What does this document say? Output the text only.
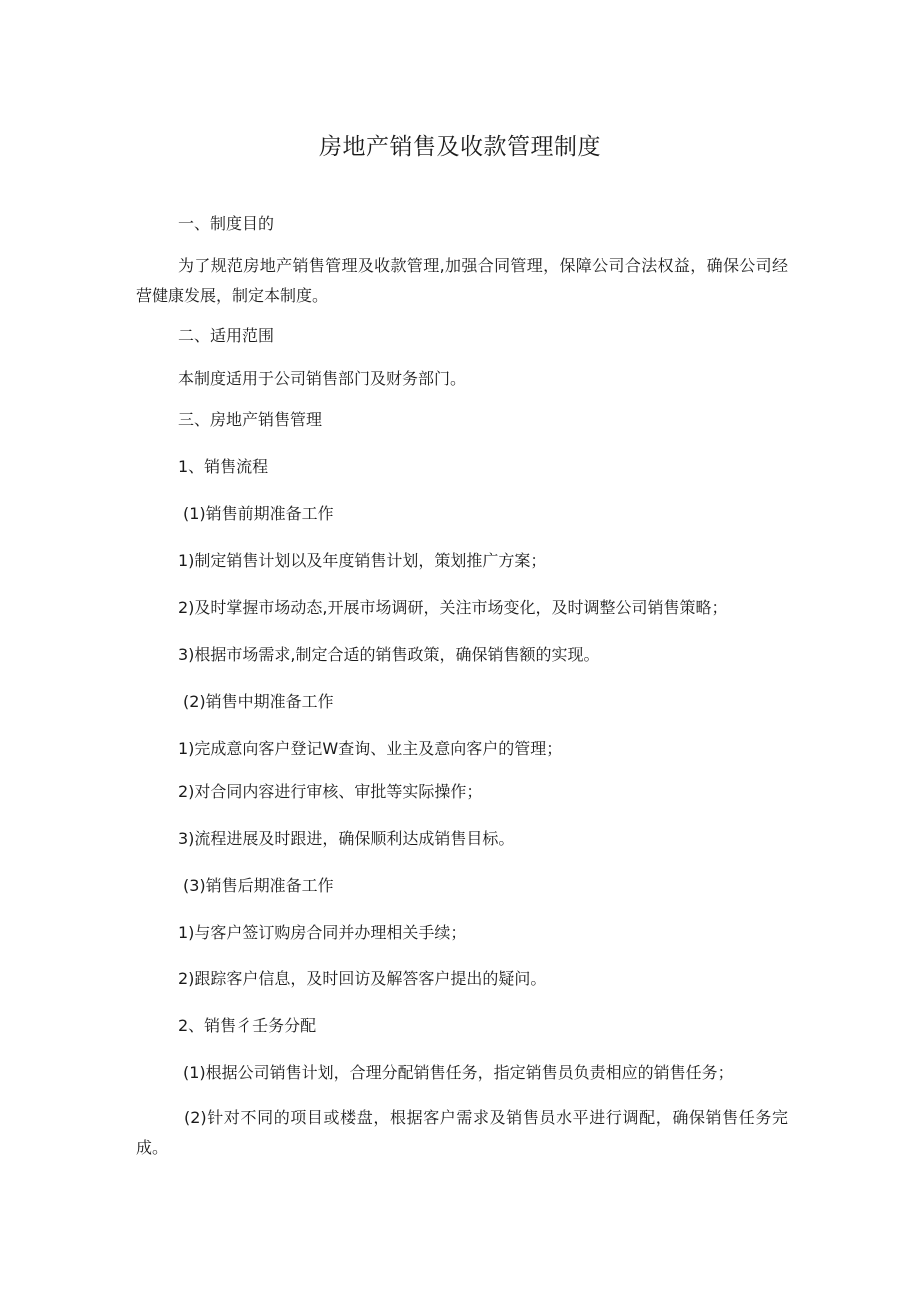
房地产销售及收款管理制度
一、制度目的
为了规范房地产销售管理及收款管理,加强合同管理，保障公司合法权益，确保公司经营健康发展，制定本制度。
二、适用范围
本制度适用于公司销售部门及财务部门。
三、房地产销售管理
1、销售流程
(1)销售前期准备工作
1)制定销售计划以及年度销售计划，策划推广方案；
2)及时掌握市场动态,开展市场调研，关注市场变化，及时调整公司销售策略；
3)根据市场需求,制定合适的销售政策，确保销售额的实现。
(2)销售中期准备工作
1)完成意向客户登记W查询、业主及意向客户的管理；
2)对合同内容进行审核、审批等实际操作；
3)流程进展及时跟进，确保顺利达成销售目标。
(3)销售后期准备工作
1)与客户签订购房合同并办理相关手续；
2)跟踪客户信息，及时回访及解答客户提出的疑问。
2、销售彳壬务分配
(1)根据公司销售计划，合理分配销售任务，指定销售员负责相应的销售任务；
(2)针对不同的项目或楼盘，根据客户需求及销售员水平进行调配，确保销售任务完成。
